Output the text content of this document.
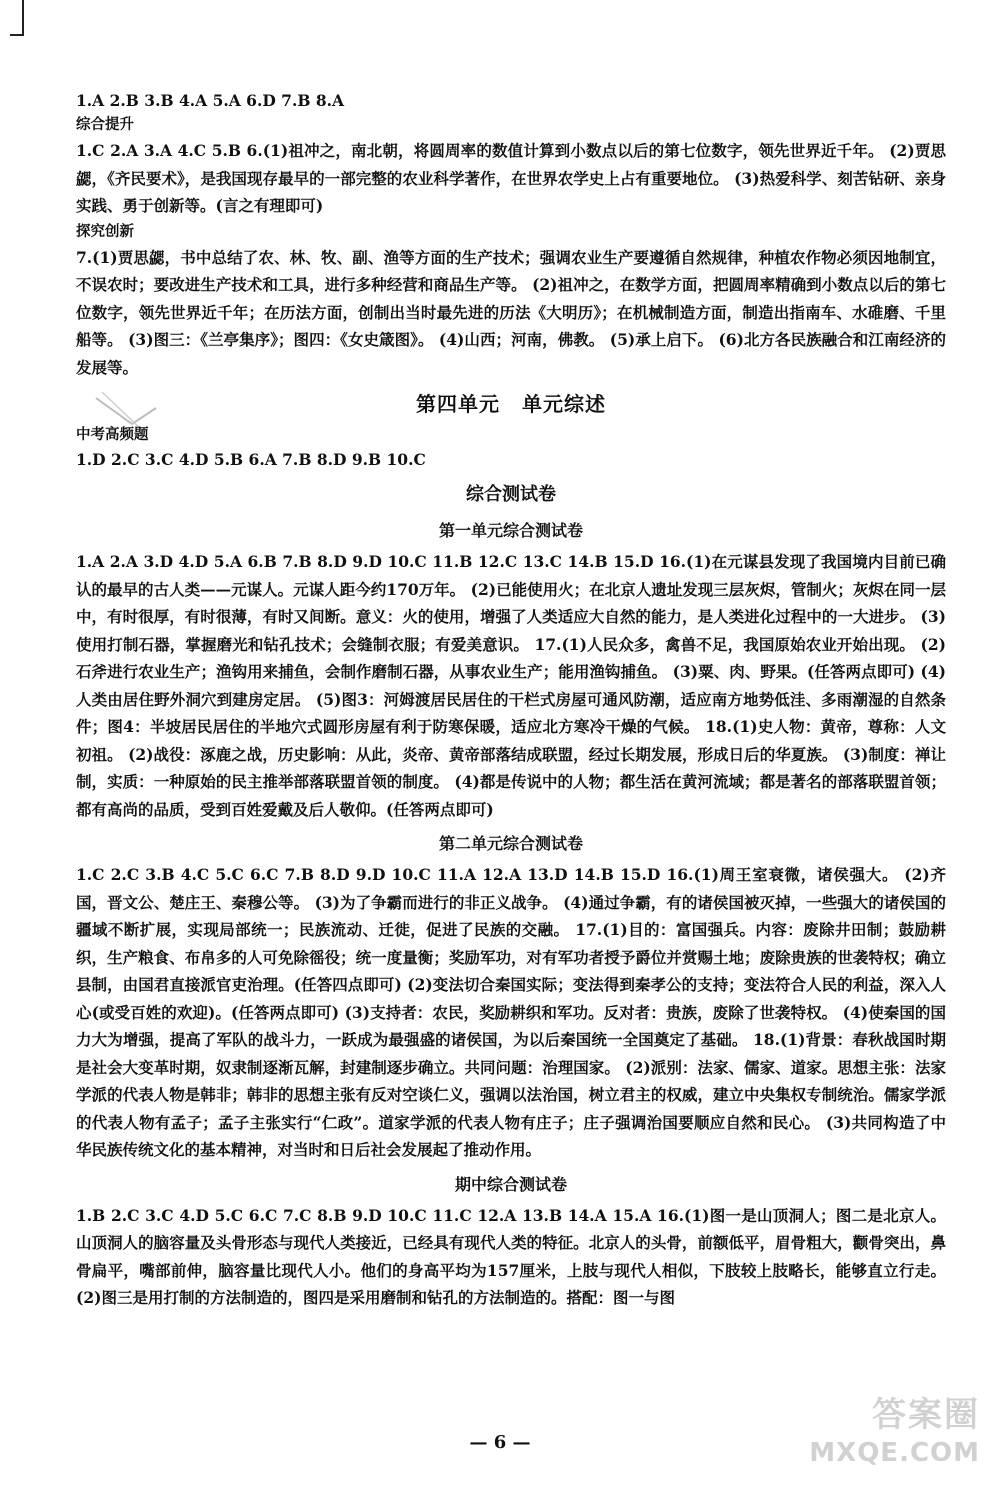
1.A 2.B 3.B 4.A 5.A 6.D 7.B 8.A

综合提升

1.C 2.A 3.A 4.C 5.B 6.(1)祖冲之，南北朝，将圆周率的数值计算到小数点以后的第七位数字，领先世界近千年。 (2)贾思勰，《齐民要术》，是我国现存最早的一部完整的农业科学著作，在世界农学史上占有重要地位。 (3)热爱科学、刻苦钻研、亲身实践、勇于创新等。(言之有理即可)

探究创新

7.(1)贾思勰，书中总结了农、林、牧、副、渔等方面的生产技术；强调农业生产要遵循自然规律，种植农作物必须因地制宜，不误农时；要改进生产技术和工具，进行多种经营和商品生产等。 (2)祖冲之，在数学方面，把圆周率精确到小数点以后的第七位数字，领先世界近千年；在历法方面，创制出当时最先进的历法《大明历》；在机械制造方面，制造出指南车、水碓磨、千里船等。 (3)图三：《兰亭集序》；图四：《女史箴图》。 (4)山西；河南，佛教。 (5)承上启下。 (6)北方各民族融合和江南经济的发展等。

第四单元 单元综述

中考高频题

1.D 2.C 3.C 4.D 5.B 6.A 7.B 8.D 9.B 10.C

综合测试卷
第一单元综合测试卷

1.A 2.A 3.D 4.D 5.A 6.B 7.B 8.D 9.D 10.C 11.B 12.C 13.C 14.B 15.D 16.(1)在元谋县发现了我国境内目前已确认的最早的古人类——元谋人。元谋人距今约170万年。 (2)已能使用火；在北京人遗址发现三层灰烬，管制火；灰烬在同一层中，有时很厚，有时很薄，有时又间断。意义：火的使用，增强了人类适应大自然的能力，是人类进化过程中的一大进步。 (3)使用打制石器，掌握磨光和钻孔技术；会缝制衣服；有爱美意识。 17.(1)人民众多，禽兽不足，我国原始农业开始出现。 (2)石斧进行农业生产；渔钩用来捕鱼，会制作磨制石器，从事农业生产；能用渔钩捕鱼。 (3)粟、肉、野果。(任答两点即可) (4)人类由居住野外洞穴到建房定居。 (5)图3：河姆渡居民居住的干栏式房屋可通风防潮，适应南方地势低洼、多雨潮湿的自然条件；图4：半坡居民居住的半地穴式圆形房屋有利于防寒保暖，适应北方寒冷干燥的气候。 18.(1)史人物：黄帝，尊称：人文初祖。 (2)战役：涿鹿之战，历史影响：从此，炎帝、黄帝部落结成联盟，经过长期发展，形成日后的华夏族。 (3)制度：禅让制，实质：一种原始的民主推举部落联盟首领的制度。 (4)都是传说中的人物；都生活在黄河流域；都是著名的部落联盟首领；都有高尚的品质，受到百姓爱戴及后人敬仰。(任答两点即可)

第二单元综合测试卷

1.C 2.C 3.B 4.C 5.C 6.C 7.B 8.D 9.D 10.C 11.A 12.A 13.D 14.B 15.D 16.(1)周王室衰微，诸侯强大。 (2)齐国，晋文公、楚庄王、秦穆公等。 (3)为了争霸而进行的非正义战争。 (4)通过争霸，有的诸侯国被灭掉，一些强大的诸侯国的疆域不断扩展，实现局部统一；民族流动、迁徙，促进了民族的交融。 17.(1)目的：富国强兵。内容：废除井田制；鼓励耕织，生产粮食、布帛多的人可免除徭役；统一度量衡；奖励军功，对有军功者授予爵位并赏赐土地；废除贵族的世袭特权；确立县制，由国君直接派官吏治理。(任答四点即可) (2)变法切合秦国实际；变法得到秦孝公的支持；变法符合人民的利益，深入人心(或受百姓的欢迎)。(任答两点即可) (3)支持者：农民，奖励耕织和军功。反对者：贵族，废除了世袭特权。 (4)使秦国的国力大为增强，提高了军队的战斗力，一跃成为最强盛的诸侯国，为以后秦国统一全国奠定了基础。 18.(1)背景：春秋战国时期是社会大变革时期，奴隶制逐渐瓦解，封建制逐步确立。共同问题：治理国家。 (2)派别：法家、儒家、道家。思想主张：法家学派的代表人物是韩非；韩非的思想主张有反对空谈仁义，强调以法治国，树立君主的权威，建立中央集权专制统治。儒家学派的代表人物有孟子；孟子主张实行“仁政”。道家学派的代表人物有庄子；庄子强调治国要顺应自然和民心。 (3)共同构造了中华民族传统文化的基本精神，对当时和日后社会发展起了推动作用。

期中综合测试卷

1.B 2.C 3.C 4.D 5.C 6.C 7.C 8.B 9.D 10.C 11.C 12.A 13.B 14.A 15.A 16.(1)图一是山顶洞人；图二是北京人。山顶洞人的脑容量及头骨形态与现代人类接近，已经具有现代人类的特征。北京人的头骨，前额低平，眉骨粗大，颧骨突出，鼻骨扁平，嘴部前伸，脑容量比现代人小。他们的身高平均为157厘米，上肢与现代人相似，下肢较上肢略长，能够直立行走。 (2)图三是用打制的方法制造的，图四是采用磨制和钻孔的方法制造的。搭配：图一与图

— 6 —
答案圈
MXQE.COM
